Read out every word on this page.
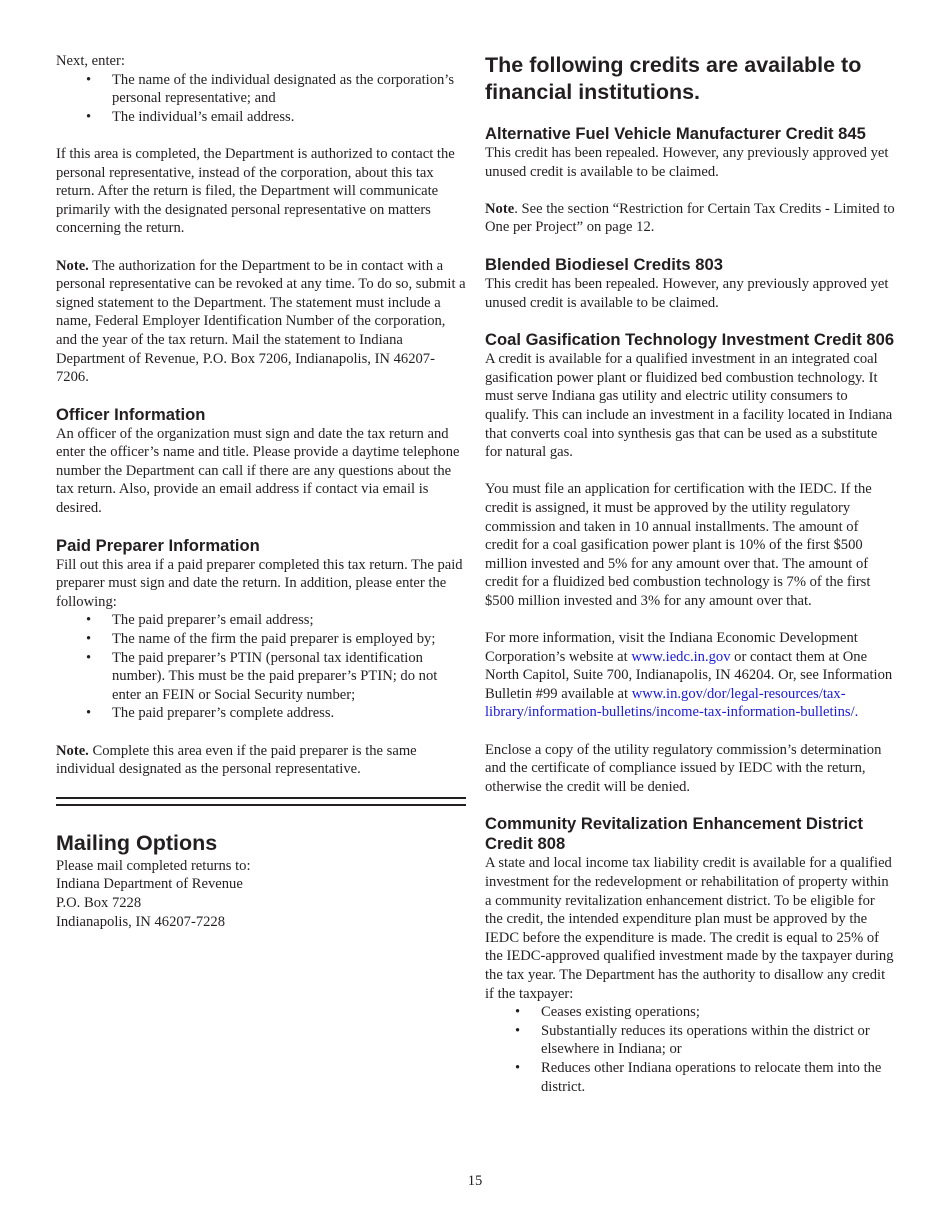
Next, enter:

• The name of the individual designated as the corporation’s personal representative; and
• The individual’s email address.

If this area is completed, the Department is authorized to contact the personal representative, instead of the corporation, about this tax return. After the return is filed, the Department will communicate primarily with the designated personal representative on matters concerning the return.

Note. The authorization for the Department to be in contact with a personal representative can be revoked at any time. To do so, submit a signed statement to the Department. The statement must include a name, Federal Employer Identification Number of the corporation, and the year of the tax return. Mail the statement to Indiana Department of Revenue, P.O. Box 7206, Indianapolis, IN 46207-7206.

Officer Information

An officer of the organization must sign and date the tax return and enter the officer’s name and title. Please provide a daytime telephone number the Department can call if there are any questions about the tax return. Also, provide an email address if contact via email is desired.

Paid Preparer Information

Fill out this area if a paid preparer completed this tax return. The paid preparer must sign and date the return. In addition, please enter the following:

• The paid preparer’s email address;
• The name of the firm the paid preparer is employed by;
• The paid preparer’s PTIN (personal tax identification number). This must be the paid preparer’s PTIN; do not enter an FEIN or Social Security number;
• The paid preparer’s complete address.

Note. Complete this area even if the paid preparer is the same individual designated as the personal representative.

Mailing Options

Please mail completed returns to:

Indiana Department of Revenue

P.O. Box 7228

Indianapolis, IN 46207-7228

The following credits are available to financial institutions.
Alternative Fuel Vehicle Manufacturer Credit 845

This credit has been repealed. However, any previously approved yet unused credit is available to be claimed.

Note. See the section “Restriction for Certain Tax Credits - Limited to One per Project” on page 12.

Blended Biodiesel Credits 803

This credit has been repealed. However, any previously approved yet unused credit is available to be claimed.

Coal Gasification Technology Investment Credit 806

A credit is available for a qualified investment in an integrated coal gasification power plant or fluidized bed combustion technology. It must serve Indiana gas utility and electric utility consumers to qualify. This can include an investment in a facility located in Indiana that converts coal into synthesis gas that can be used as a substitute for natural gas.

You must file an application for certification with the IEDC. If the credit is assigned, it must be approved by the utility regulatory commission and taken in 10 annual installments. The amount of credit for a coal gasification power plant is 10% of the first $500 million invested and 5% for any amount over that. The amount of credit for a fluidized bed combustion technology is 7% of the first $500 million invested and 3% for any amount over that.

For more information, visit the Indiana Economic Development Corporation’s website at www.iedc.in.gov or contact them at One North Capitol, Suite 700, Indianapolis, IN 46204. Or, see Information Bulletin #99 available at www.in.gov/dor/legal-resources/tax-library/information-bulletins/income-tax-information-bulletins/.

Enclose a copy of the utility regulatory commission’s determination and the certificate of compliance issued by IEDC with the return, otherwise the credit will be denied.

Community Revitalization Enhancement District Credit 808

A state and local income tax liability credit is available for a qualified investment for the redevelopment or rehabilitation of property within a community revitalization enhancement district. To be eligible for the credit, the intended expenditure plan must be approved by the IEDC before the expenditure is made. The credit is equal to 25% of the IEDC-approved qualified investment made by the taxpayer during the tax year. The Department has the authority to disallow any credit if the taxpayer:

• Ceases existing operations;
• Substantially reduces its operations within the district or elsewhere in Indiana; or
• Reduces other Indiana operations to relocate them into the district.
15
